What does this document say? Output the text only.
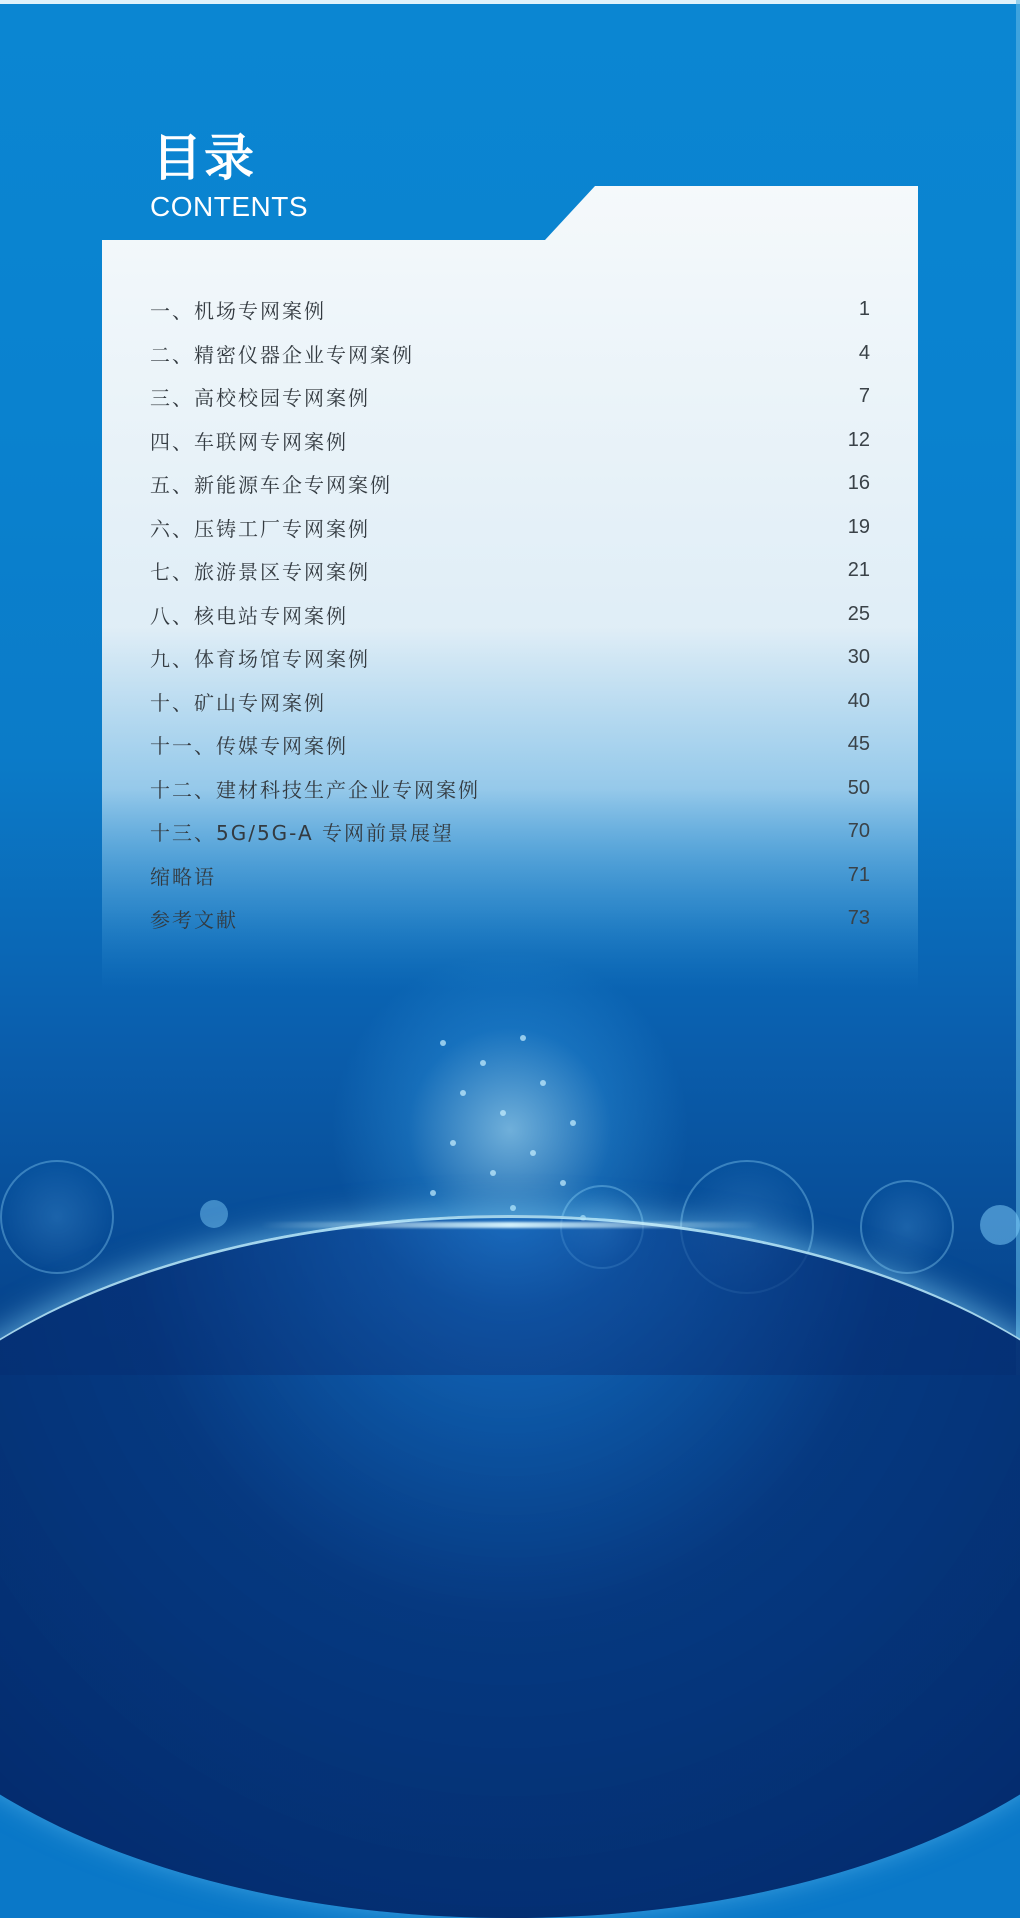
目录
CONTENTS
一、机场专网案例	1
二、精密仪器企业专网案例	4
三、高校校园专网案例	7
四、车联网专网案例	12
五、新能源车企专网案例	16
六、压铸工厂专网案例	19
七、旅游景区专网案例	21
八、核电站专网案例	25
九、体育场馆专网案例	30
十、矿山专网案例	40
十一、传媒专网案例	45
十二、建材科技生产企业专网案例	50
十三、5G/5G-A 专网前景展望	70
缩略语	71
参考文献	73
